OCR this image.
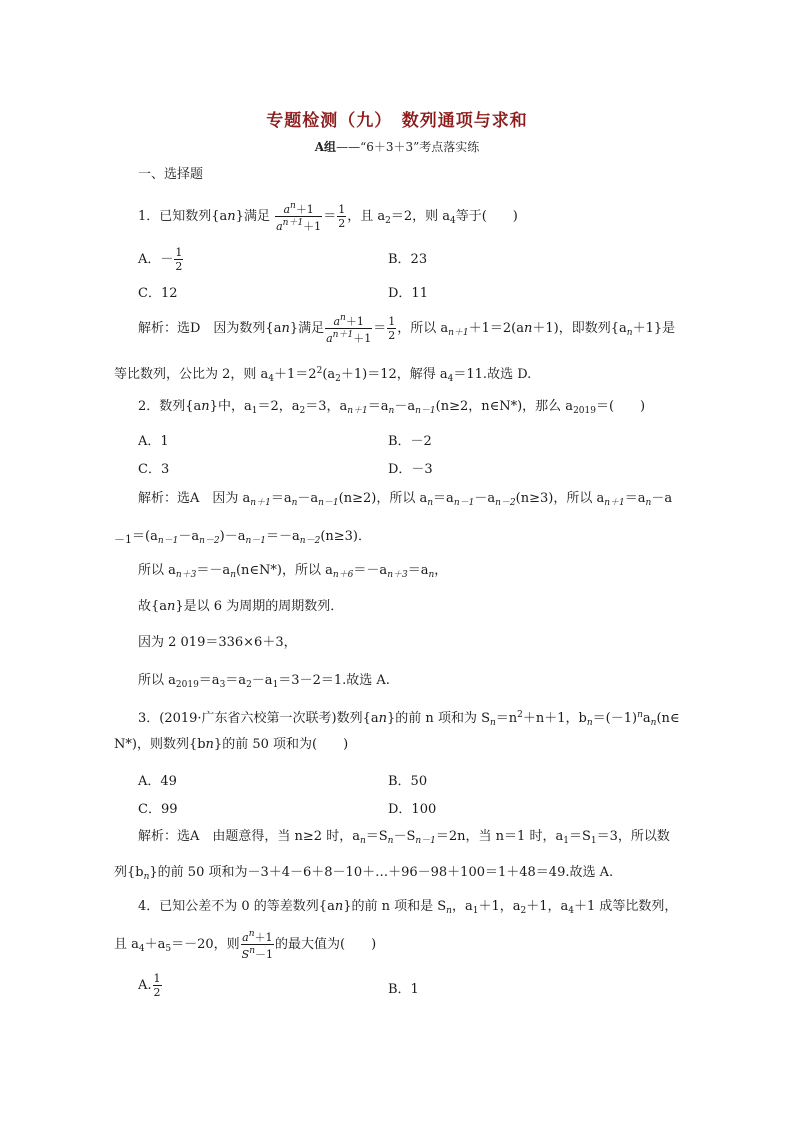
专题检测（九）　数列通项与求和
A组——“6＋3＋3”考点落实练
一、选择题
1．已知数列{an}满足 $\frac{a^n+1}{a^{n+1}+1} = \frac{1}{2}$ ，且 $a_2=2$，则 $a_4$等于(　　)
A．－ $\frac{1}{2}$	B．23
C．12	D．11
解析：选D　因为数列{an}满足 $\frac{a^n+1}{a^{n+1}+1} = \frac{1}{2}$ ，所以 $a_{n+1}+1=2(an+1)$，即数列$\{a_n+1\}$是
等比数列，公比为 2，则 $a_4+1=2^2(a_2+1)=12$，解得 $a_4=11$.故选 D.
2．数列{an}中，$a_1=2$，$a_2=3$，$a_{n+1}=a_n-a_{n-1}(n\ge 2$，n∈N*)，那么 $a_{2019}=$(　　)
A．1	B．－2
C．3	D．－3
解析：选A　因为 $a_{n+1}=a_n-a_{n-1}(n\ge 2)$，所以 $a_n=a_{n-1}-a_{n-2}(n\ge 3)$，所以 $a_{n+1}=a_n-a$
$_{-1}=(a_{n-1}-a_{n-2})-a_{n-1}=-a_{n-2}(n\ge 3)$．
所以 $a_{n+3}=-a_n(n\in N*)$，所以 $a_{n+6}=-a_{n+3}=a_n$，
故{an}是以 6 为周期的周期数列．
因为 2 019＝336×6＋3，
所以 $a_{2019}=a_3=a_2-a_1=3-2=1$.故选 A.
3．(2019·广东省六校第一次联考)数列{an}的前 n 项和为 $S_n=n^2+n+1$，$b_n=(-1)^na_n(n\in$
N*)，则数列{bn}的前 50 项和为(　　)
A．49	B．50
C．99	D．100
解析：选A　由题意得，当 n≥2 时，$a_n=S_n-S_{n-1}=2n$，当 n＝1 时，$a_1=S_1=3$，所以数
列$\{b_n\}$的前 50 项和为－3＋4－6＋8－10＋…＋96－98＋100＝1＋48＝49.故选 A.
4．已知公差不为 0 的等差数列{an}的前 n 项和是 $S_n$，$a_1+1$，$a_2+1$，$a_4+1$ 成等比数列，
且 $a_4+a_5=-20$，则 $\frac{a^n+1}{S^n-1}$ 的最大值为(　　)
A. $\frac{1}{2}$	B．1
